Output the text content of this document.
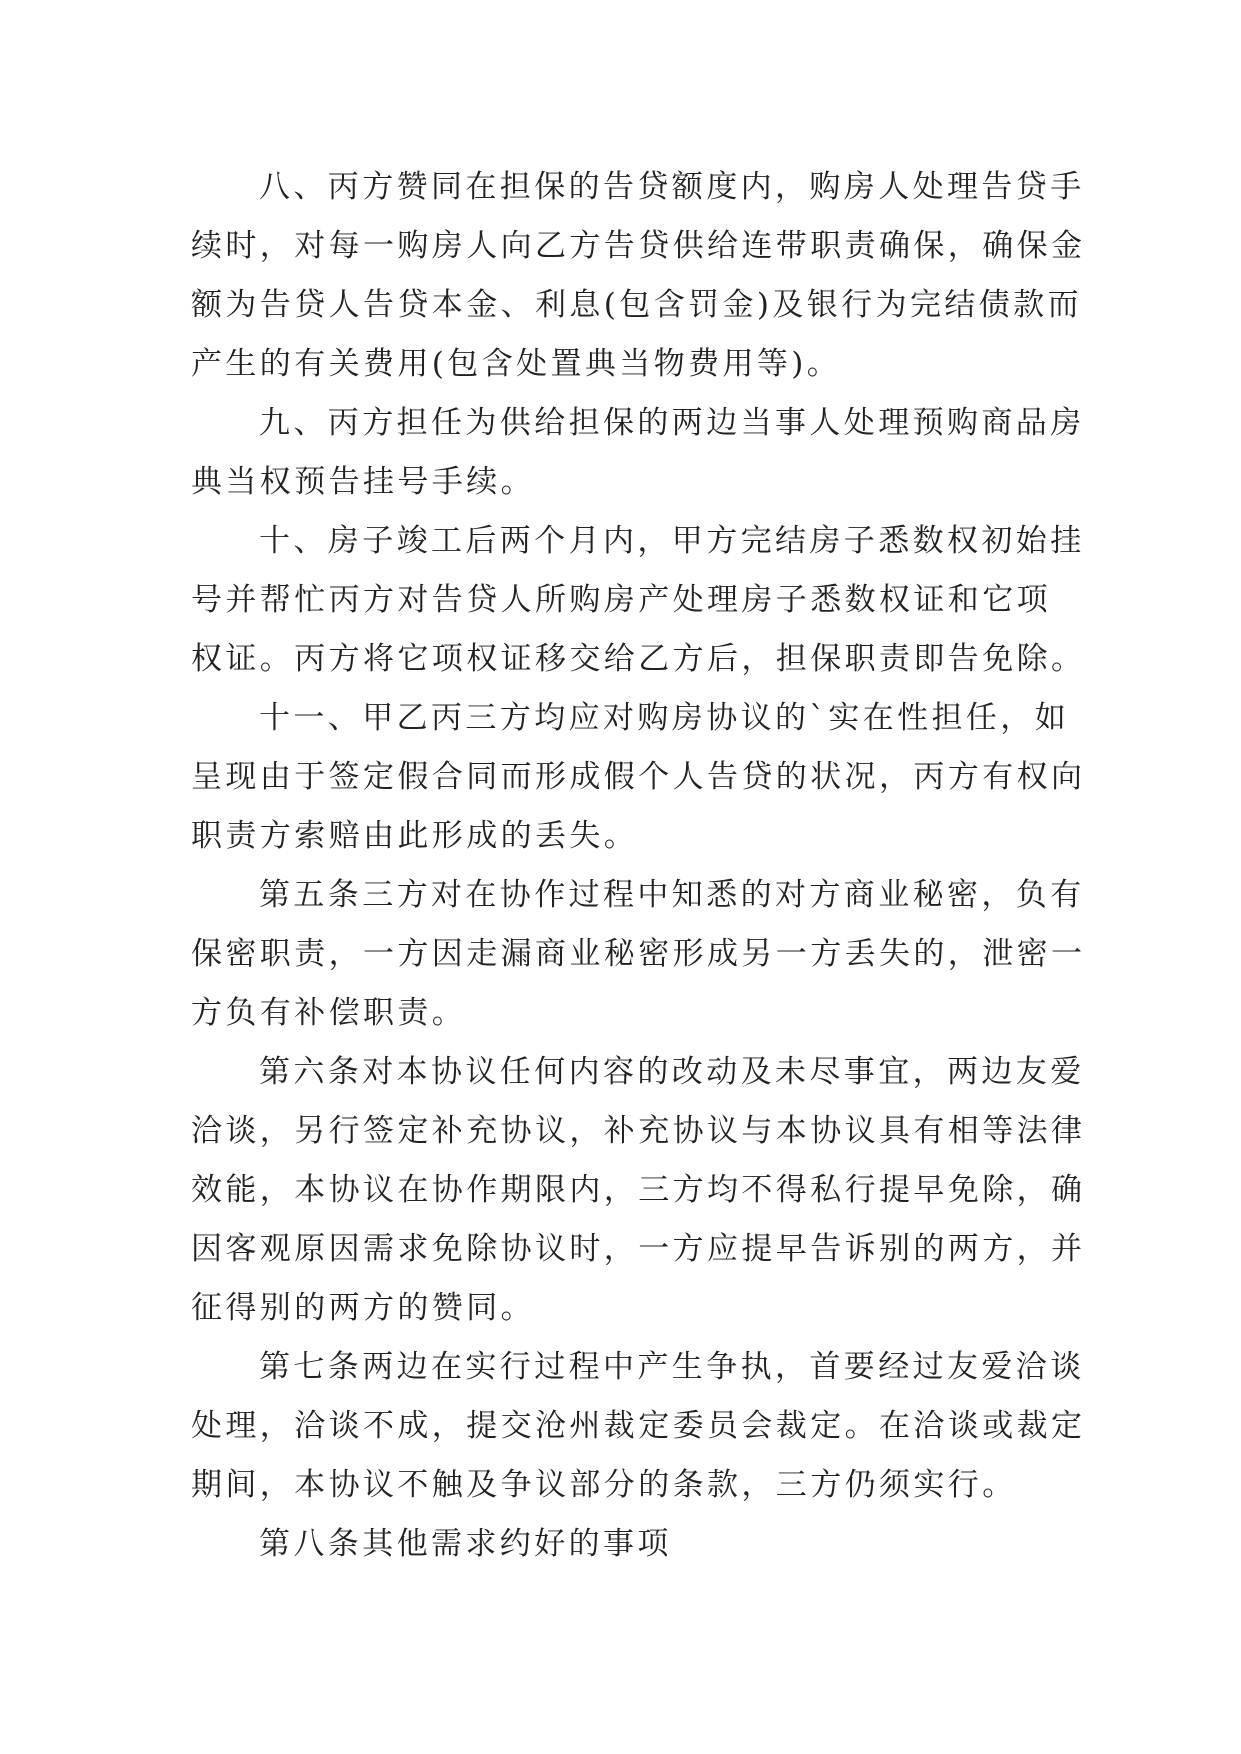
八、丙方赞同在担保的告贷额度内，购房人处理告贷手
续时，对每一购房人向乙方告贷供给连带职责确保，确保金
额为告贷人告贷本金、利息(包含罚金)及银行为完结债款而
产生的有关费用(包含处置典当物费用等)。
九、丙方担任为供给担保的两边当事人处理预购商品房
典当权预告挂号手续。
十、房子竣工后两个月内，甲方完结房子悉数权初始挂
号并帮忙丙方对告贷人所购房产处理房子悉数权证和它项
权证。丙方将它项权证移交给乙方后，担保职责即告免除。
十一、甲乙丙三方均应对购房协议的`实在性担任，如
呈现由于签定假合同而形成假个人告贷的状况，丙方有权向
职责方索赔由此形成的丢失。
第五条三方对在协作过程中知悉的对方商业秘密，负有
保密职责，一方因走漏商业秘密形成另一方丢失的，泄密一
方负有补偿职责。
第六条对本协议任何内容的改动及未尽事宜，两边友爱
洽谈，另行签定补充协议，补充协议与本协议具有相等法律
效能，本协议在协作期限内，三方均不得私行提早免除，确
因客观原因需求免除协议时，一方应提早告诉别的两方，并
征得别的两方的赞同。
第七条两边在实行过程中产生争执，首要经过友爱洽谈
处理，洽谈不成，提交沧州裁定委员会裁定。在洽谈或裁定
期间，本协议不触及争议部分的条款，三方仍须实行。
第八条其他需求约好的事项
